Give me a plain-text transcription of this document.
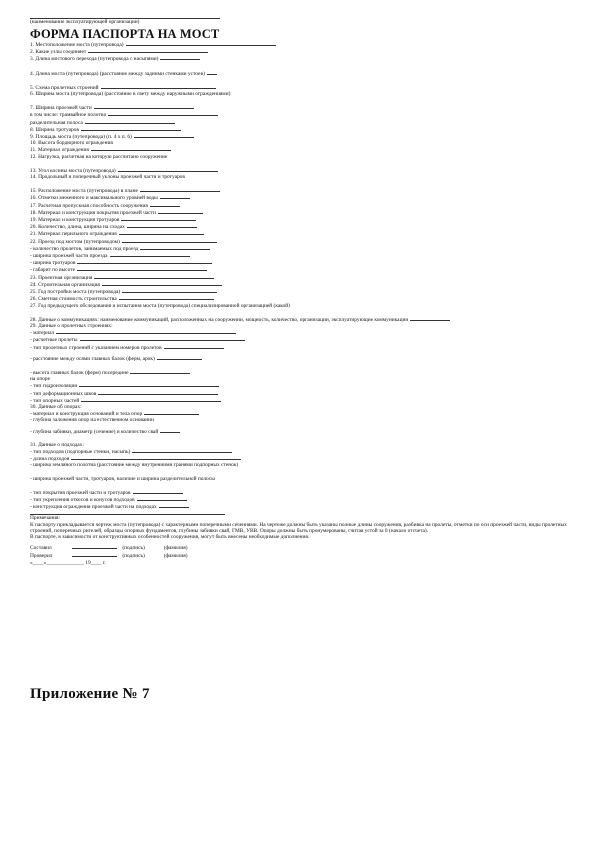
(наименование эксплуатирующей организации)
ФОРМА ПАСПОРТА НА МОСТ
1. Местоположение моста (путепровода)
2. Какие узлы соединяет
3. Длина мостового перехода (путепровода с насыпями)
4. Длина моста (путепровода) (расстояние между задними стенками устоев)
5. Схема пролетных строений
6. Ширина моста (путепровода) (расстояние в свету между наружными ограждениями)
7. Ширина проезжей части
в том числе: трамвайное полотно
разделительная полоса
8. Ширина тротуаров
9. Площадь моста (путепровода) (п. 4 х п. 6)
10. Высота бордюрного ограждения
11. Материал ограждения
12. Нагрузка, расчетная на которую рассчитано сооружение
13. Угол косины моста (путепровода)
14. Продольный и поперечный уклоны проезжей части и тротуаров
15. Расположение моста (путепровода) в плане
16. Отметки меженного и максимального уровней воды
17. Расчетная пропускная способность сооружения
18. Материал и конструкция покрытия проезжей части
19. Материал и конструкция тротуаров
20. Количество, длина, ширина на сходах
21. Материал перильного ограждения
22. Проезд под мостом (путепроводом)
- количество пролетов, занимаемых под проезд
- ширина проезжей части проезда
- ширина тротуаров
- габарит по высоте
23. Проектная организация
24. Строительная организация
25. Год постройки моста (путепровода)
26. Сметная стоимость строительства
27. Год предыдущего обследования и испытания моста (путепровода) специализированной организацией (какой)
28. Данные о коммуникациях: наименование коммуникаций, расположенных на сооружении, мощность, количество, организации, эксплуатирующие коммуникации
29. Данные о пролетных строениях:
- материал
- расчетные пролеты
- тип пролетных строений с указанием номеров пролетов
- расстояние между осями главных балок (ферм, арок)
- высота главных балок (ферм) посередине
на опоре
- тип гидроизоляции
- тип деформационных швов
- тип опорных частей
30. Данные об опорах:
- материал и конструкция оснований и тела опор
- глубина заложения опор на естественном основании
- глубина забивки, диаметр (сечение) и количество свай
31. Данные о подходах:
- тип подходов (подпорные стенки, насыпь)
- длина подходов
- ширина земляного полотна (расстояние между внутренними гранями подпорных стенок)
- ширина проезжей части, тротуаров, наличие и ширина разделительной полосы
- тип покрытия проезжей части и тротуаров
- тип укрепления откосов и конусов подходов
- конструкция ограждения проезжей части на подходах
Примечания:
К паспорту прикладывается чертеж моста (путепровода) с характерными поперечными сечениями. На чертеже должны быть указаны полные длины сооружения, разбивка на пролеты, отметки по оси проезжей части, виды пролетных строений, поперечных ригелей, образцы опорных фундаментов, глубины забивки свай, ГМВ, УВВ. Опоры должны быть пронумерованы, считая устой за 0 (начало отсчета).
В паспорте, в зависимости от конструктивных особенностей сооружения, могут быть внесены необходимые дополнения.
Составил	(подпись)	(фамилия)
Проверил	(подпись)	(фамилия)
«____»______________ 19____ г.
Приложение № 7
